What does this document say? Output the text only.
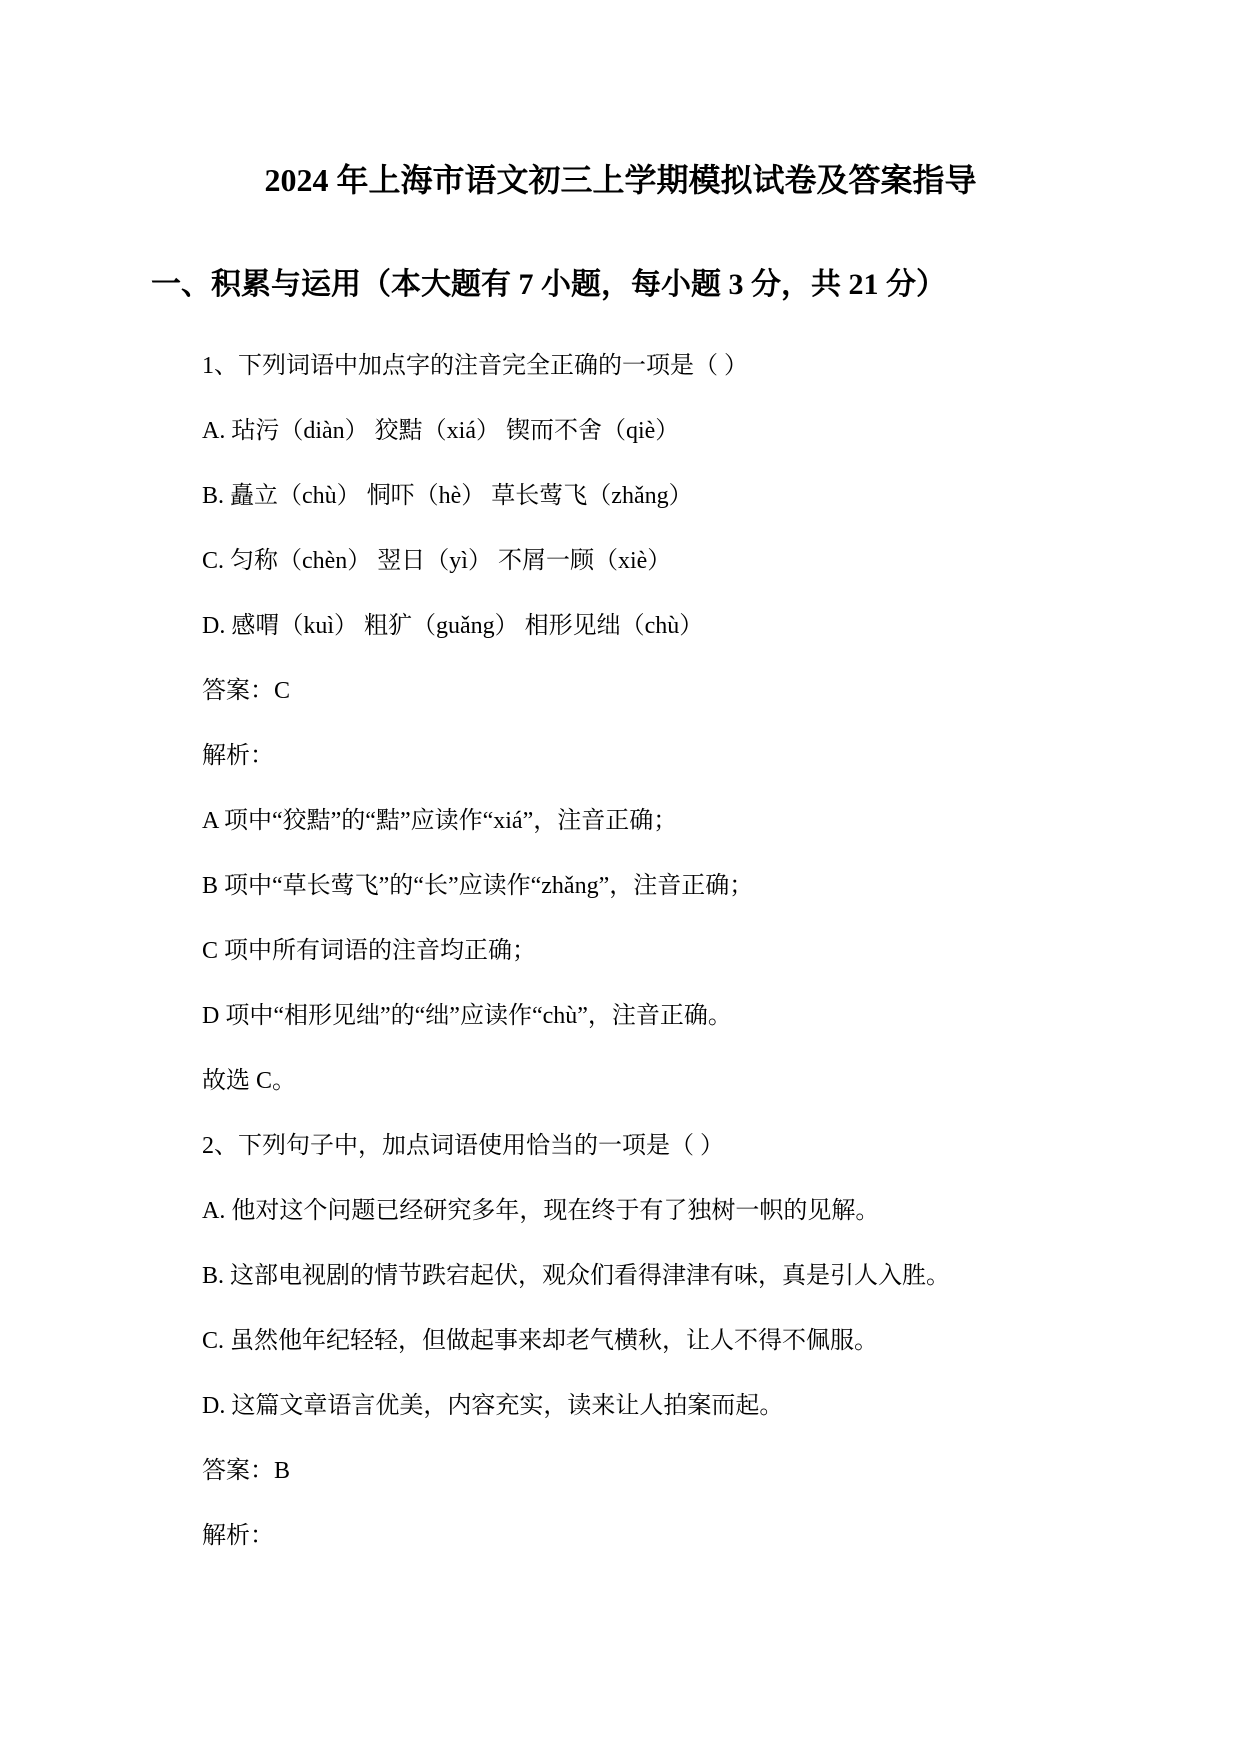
2024 年上海市语文初三上学期模拟试卷及答案指导
一、积累与运用（本大题有 7 小题，每小题 3 分，共 21 分）
1、下列词语中加点字的注音完全正确的一项是（ ）
A. 玷污（diàn） 狡黠（xiá） 锲而不舍（qiè）
B. 矗立（chù） 恫吓（hè） 草长莺飞（zhǎng）
C. 匀称（chèn） 翌日（yì） 不屑一顾（xiè）
D. 感喟（kuì） 粗犷（guǎng） 相形见绌（chù）
答案：C
解析：
A 项中“狡黠”的“黠”应读作“xiá”，注音正确；
B 项中“草长莺飞”的“长”应读作“zhǎng”，注音正确；
C 项中所有词语的注音均正确；
D 项中“相形见绌”的“绌”应读作“chù”，注音正确。
故选 C。
2、下列句子中，加点词语使用恰当的一项是（ ）
A. 他对这个问题已经研究多年，现在终于有了独树一帜的见解。
B. 这部电视剧的情节跌宕起伏，观众们看得津津有味，真是引人入胜。
C. 虽然他年纪轻轻，但做起事来却老气横秋，让人不得不佩服。
D. 这篇文章语言优美，内容充实，读来让人拍案而起。
答案：B
解析：
